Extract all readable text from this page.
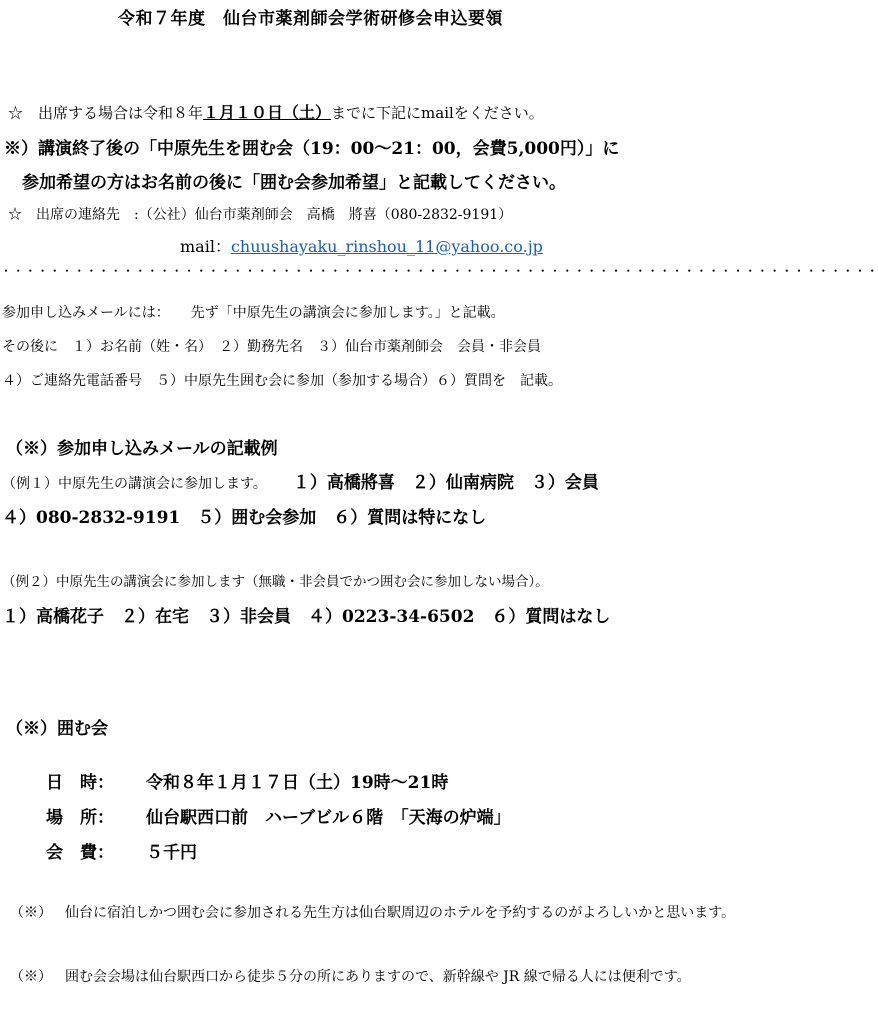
令和７年度　仙台市薬剤師会学術研修会申込要領
☆　出席する場合は令和８年１月１０日（土）までに下記にmailをください。
※）講演終了後の「中原先生を囲む会（19：00〜21：00，会費5,000円）」に
参加希望の方はお名前の後に「囲む会参加希望」と記載してください。
☆　出席の連絡先　:（公社）仙台市薬剤師会　高橋　將喜（080-2832-9191）
mail：chuushayaku_rinshou_11@yahoo.co.jp
・・・・・・・・・・・・・・・・・・・・・・・・・・・・・・・・・・・・・・・・・・・・・・・・・・・・・・・・・・・・・・・・・・・・・・・・
参加申し込みメールには：　　先ず「中原先生の講演会に参加します。」と記載。
その後に　１）お名前（姓・名）　２）勤務先名　３）仙台市薬剤師会　会員・非会員
４）ご連絡先電話番号　５）中原先生囲む会に参加（参加する場合）６）質問を　記載。
（※）参加申し込みメールの記載例
（例１）中原先生の講演会に参加します。 １）高橋將喜　２）仙南病院　３）会員
４）080-2832-9191　５）囲む会参加　６）質問は特になし
（例２）中原先生の講演会に参加します（無職・非会員でかつ囲む会に参加しない場合）。
１）高橋花子　２）在宅　３）非会員　４）0223-34-6502　６）質問はなし
（※）囲む会
日　時： 令和８年１月１７日（土）19時〜21時
場　所： 仙台駅西口前　ハーブビル６階　「天海の炉端」
会　費： ５千円
（※） 仙台に宿泊しかつ囲む会に参加される先生方は仙台駅周辺のホテルを予約するのがよろしいかと思います。
（※） 囲む会会場は仙台駅西口から徒歩５分の所にありますので、新幹線や JR 線で帰る人には便利です。
